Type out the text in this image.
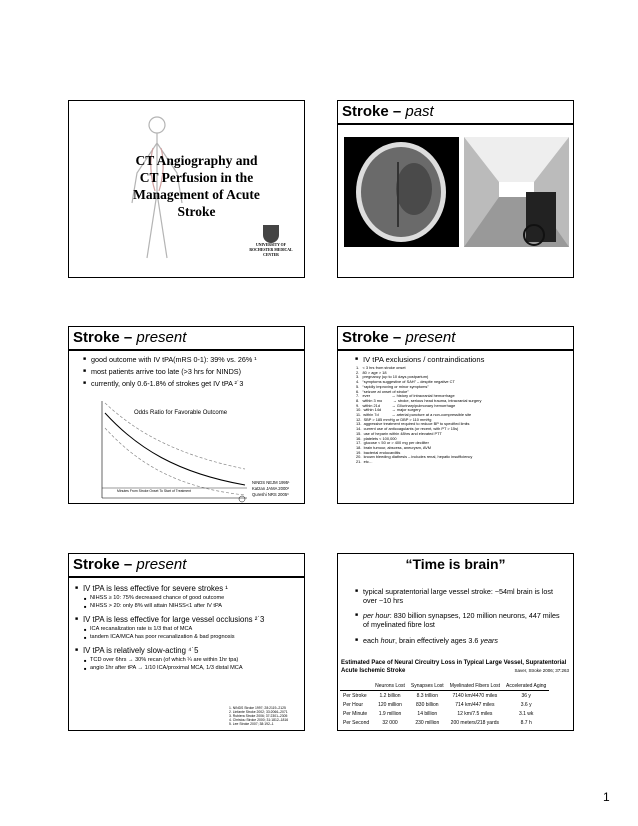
CT Angiography and CT Perfusion in the Management of Acute Stroke
UNIVERSITY OF ROCHESTER MEDICAL CENTER
Stroke – past
Stroke – present
■ good outcome with IV tPA(mRS 0-1): 39% vs. 26% ¹
■ most patients arrive too late (>3 hrs for NINDS)
■ currently, only 0.6-1.8% of strokes get IV tPA ²˙3
Odds Ratio for Favorable Outcome
Minutes From Stroke Onset To Start of Treatment
NINDS NEJM 1995¹
Katzan JAMA 2000²
Qureshi NRS 2005³
Stroke – present
■ IV tPA exclusions / contraindications
1.   < 3 hrs from stroke onset
2.   80 > age > 18
3.   pregnancy (up to 10 days postpartum)
4.   “symptoms suggestive of SAH” – despite negative CT
5.   “rapidly improving or minor symptoms”
6.   “seizure at onset of stroke”
7.   ever                    → history of intracranial hemorrhage
8.   within 3 mo          → stroke, serious head trauma, intracranial surgery
9.   within 21d           → GI/urinary/pulmonary hemorrhage
10.  within 14d          → major surgery
11.  within 7d            → arterial puncture at a non-compressible site
12.  SBP > 185 mmHg or DBP > 110 mmHg
13.  aggressive treatment required to reduce BP to specified limits
14.  current use of anticoagulants (or recent, with PT > 15s)
15.  use of heparin within 48hrs and elevated PTT
16.  platelets < 100,000
17.  glucose < 50 or > 400 mg per deciliter
18.  brain tumour, abscess, aneurysm, AVM
19.  bacterial endocarditis
20.  known bleeding diathesis – includes renal, hepatic insufficiency
21.  etc…
Stroke – present
■ IV tPA is less effective for severe strokes ¹
■ NIHSS ≥ 10: 75% decreased chance of good outcome
■ NIHSS > 20: only 8% will attain NIHSS<1 after IV tPA
■ IV tPA is less effective for large vessel occlusions ²˙3
■ ICA recanalization rate is 1/3 that of MCA
■ tandem ICA/MCA has poor recanalization & bad prognosis
■ IV tPA is relatively slow-acting ⁴˙5
■ TCD over 6hrs → 30% recan (of which ¼ are within 1hr tpa)
■ angio 1hr after tPA → 1/10 ICA/proximal MCA, 1/3 distal MCA
1. NINDS Stroke 1997; 28:2119–2125
2. Linfante Stroke 2002; 33:2066–2071
3. Rubiera Stroke 2006; 37:2301–2305
4. Christou Stroke 2000; 31:1812–1816
5. Lee Stroke 2007; 38:192–1
“Time is brain”
■ typical supratentorial large vessel stroke: ~54ml brain is lost over ~10 hrs
■ per hour: 830 billion synapses, 120 million neurons, 447 miles of myelinated fibre lost
■ each hour, brain effectively ages 3.6 years
Estimated Pace of Neural Circuitry Loss in Typical Large Vessel, Supratentorial Acute Ischemic Stroke	Saver, Stroke 2006; 37:263
	Neurons Lost	Synapses Lost	Myelinated Fibers Lost	Accelerated Aging
Per Stroke	1.2 billion	8.3 trillion	7140 km/4470 miles	36 y
Per Hour	120 million	830 billion	714 km/447 miles	3.6 y
Per Minute	1.9 million	14 billion	12 km/7.5 miles	3.1 wk
Per Second	32 000	230 million	200 meters/218 yards	8.7 h
1
